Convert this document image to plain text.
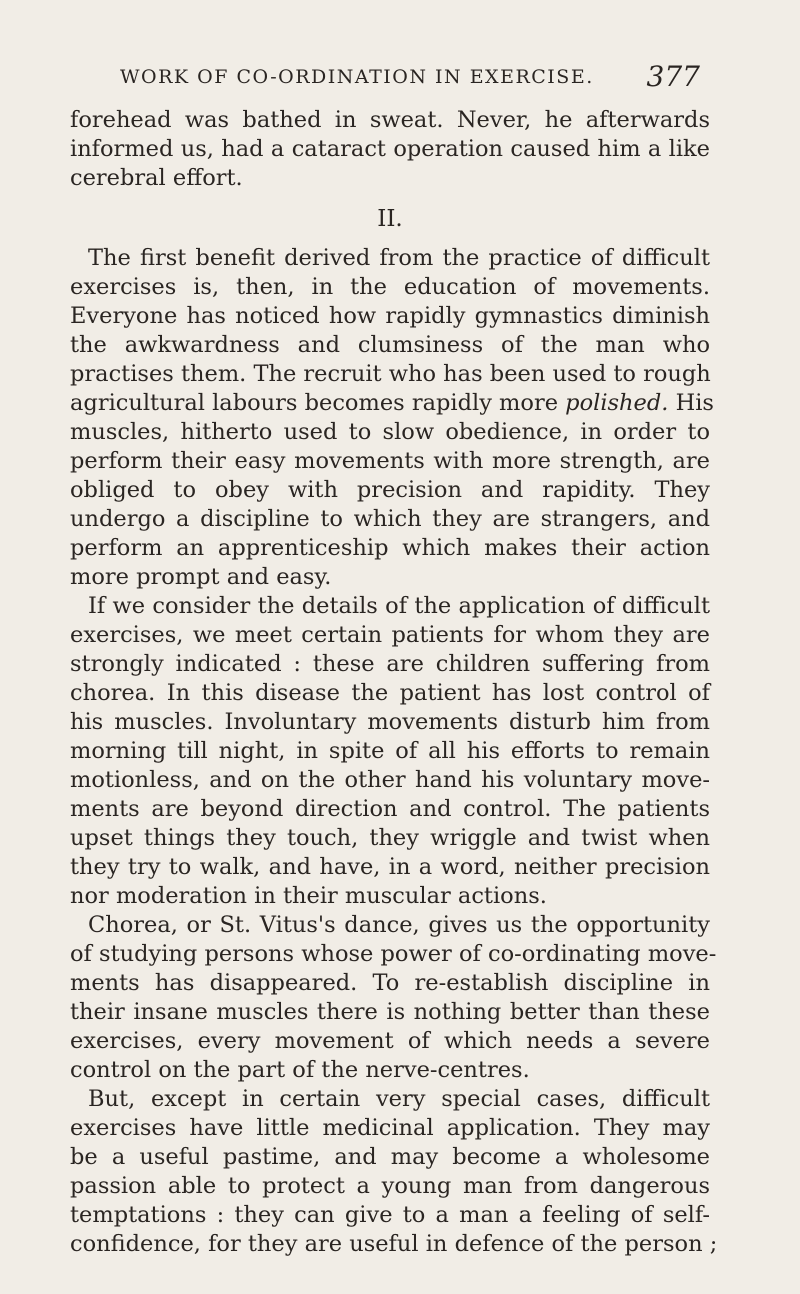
WORK OF CO-ORDINATION IN EXERCISE. 377
forehead was bathed in sweat. Never, he afterwards
informed us, had a cataract operation caused him a like
cerebral effort.
II.
The first benefit derived from the practice of difficult
exercises is, then, in the education of movements.
Everyone has noticed how rapidly gymnastics diminish
the awkwardness and clumsiness of the man who
practises them. The recruit who has been used to rough
agricultural labours becomes rapidly more polished. His
muscles, hitherto used to slow obedience, in order to
perform their easy movements with more strength, are
obliged to obey with precision and rapidity. They
undergo a discipline to which they are strangers, and
perform an apprenticeship which makes their action
more prompt and easy.
If we consider the details of the application of difficult
exercises, we meet certain patients for whom they are
strongly indicated : these are children suffering from
chorea. In this disease the patient has lost control of
his muscles. Involuntary movements disturb him from
morning till night, in spite of all his efforts to remain
motionless, and on the other hand his voluntary move-
ments are beyond direction and control. The patients
upset things they touch, they wriggle and twist when
they try to walk, and have, in a word, neither precision
nor moderation in their muscular actions.
Chorea, or St. Vitus's dance, gives us the opportunity
of studying persons whose power of co-ordinating move-
ments has disappeared. To re-establish discipline in
their insane muscles there is nothing better than these
exercises, every movement of which needs a severe
control on the part of the nerve-centres.
But, except in certain very special cases, difficult
exercises have little medicinal application. They may
be a useful pastime, and may become a wholesome
passion able to protect a young man from dangerous
temptations : they can give to a man a feeling of self-
confidence, for they are useful in defence of the person ;
